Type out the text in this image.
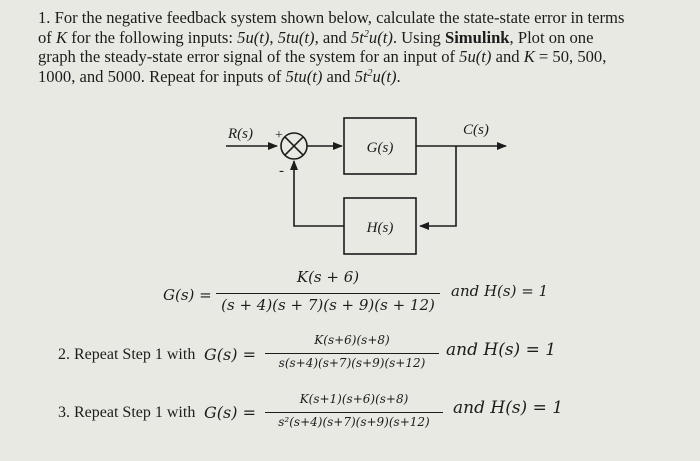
1. For the negative feedback system shown below, calculate the state-state error in terms
of K for the following inputs: 5u(t), 5tu(t), and $5t^2u(t)$. Using Simulink, Plot on one
graph the steady-state error signal of the system for an input of 5u(t) and K = 50, 500,
1000, and 5000. Repeat for inputs of 5tu(t) and $5t^2u(t)$.
R(s) +
-
G(s)
H(s)
C(s)
G(s) =
K(s + 6)
(s + 4)(s + 7)(s + 9)(s + 12)
and H(s) = 1
2. Repeat Step 1 with G(s) =
K(s+6)(s+8)
s(s+4)(s+7)(s+9)(s+12)
and H(s) = 1
3. Repeat Step 1 with G(s) =
K(s+1)(s+6)(s+8)
s²(s+4)(s+7)(s+9)(s+12)
and H(s) = 1
